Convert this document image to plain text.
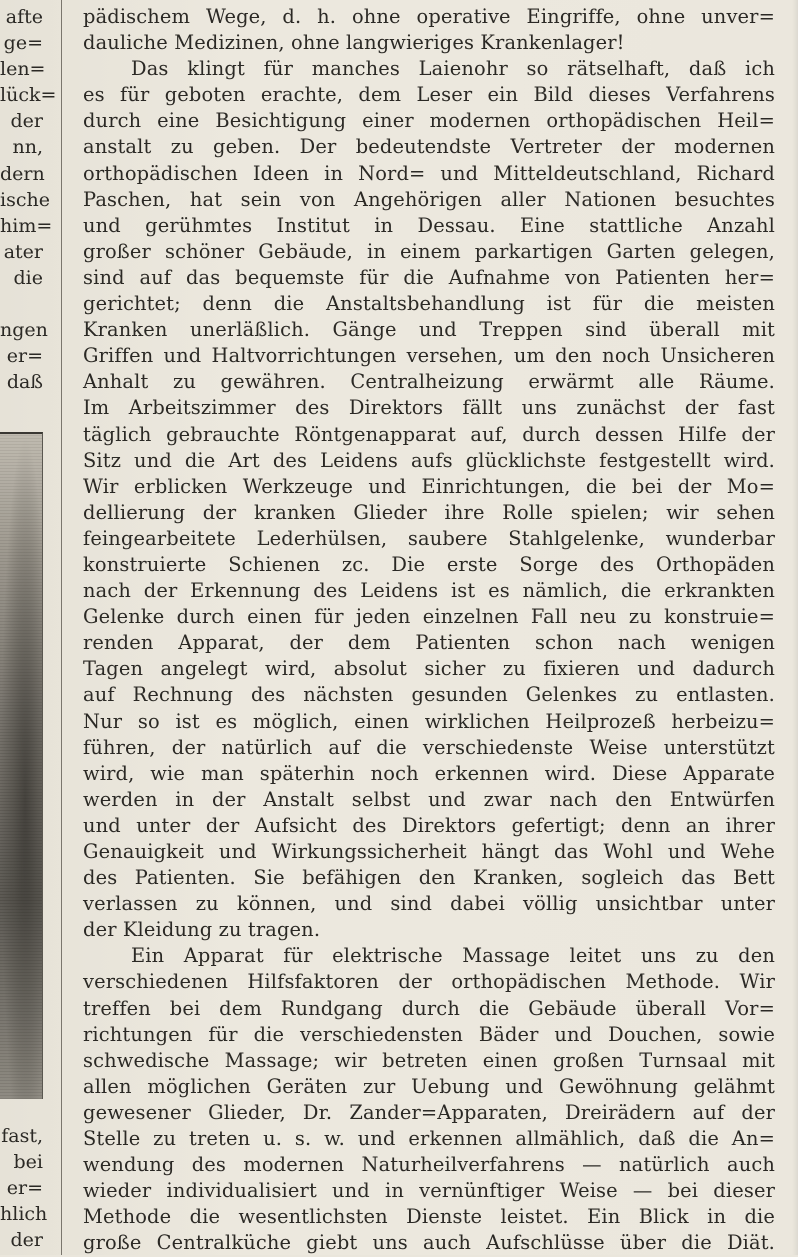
afte
ge=
len=
lück=
der
nn,
dern
ische
him=
ater
die
ngen
er=
daß
fast,
bei
er=
hlich
der
pädischem Wege, d. h. ohne operative Eingriffe, ohne unver=
dauliche Medizinen, ohne langwieriges Krankenlager!
Das klingt für manches Laienohr so rätselhaft, daß ich
es für geboten erachte, dem Leser ein Bild dieses Verfahrens
durch eine Besichtigung einer modernen orthopädischen Heil=
anstalt zu geben. Der bedeutendste Vertreter der modernen
orthopädischen Ideen in Nord= und Mitteldeutschland, Richard
Paschen, hat sein von Angehörigen aller Nationen besuchtes
und gerühmtes Institut in Dessau. Eine stattliche Anzahl
großer schöner Gebäude, in einem parkartigen Garten gelegen,
sind auf das bequemste für die Aufnahme von Patienten her=
gerichtet; denn die Anstaltsbehandlung ist für die meisten
Kranken unerläßlich. Gänge und Treppen sind überall mit
Griffen und Haltvorrichtungen versehen, um den noch Unsicheren
Anhalt zu gewähren. Centralheizung erwärmt alle Räume.
Im Arbeitszimmer des Direktors fällt uns zunächst der fast
täglich gebrauchte Röntgenapparat auf, durch dessen Hilfe der
Sitz und die Art des Leidens aufs glücklichste festgestellt wird.
Wir erblicken Werkzeuge und Einrichtungen, die bei der Mo=
dellierung der kranken Glieder ihre Rolle spielen; wir sehen
feingearbeitete Lederhülsen, saubere Stahlgelenke, wunderbar
konstruierte Schienen zc. Die erste Sorge des Orthopäden
nach der Erkennung des Leidens ist es nämlich, die erkrankten
Gelenke durch einen für jeden einzelnen Fall neu zu konstruie=
renden Apparat, der dem Patienten schon nach wenigen
Tagen angelegt wird, absolut sicher zu fixieren und dadurch
auf Rechnung des nächsten gesunden Gelenkes zu entlasten.
Nur so ist es möglich, einen wirklichen Heilprozeß herbeizu=
führen, der natürlich auf die verschiedenste Weise unterstützt
wird, wie man späterhin noch erkennen wird. Diese Apparate
werden in der Anstalt selbst und zwar nach den Entwürfen
und unter der Aufsicht des Direktors gefertigt; denn an ihrer
Genauigkeit und Wirkungssicherheit hängt das Wohl und Wehe
des Patienten. Sie befähigen den Kranken, sogleich das Bett
verlassen zu können, und sind dabei völlig unsichtbar unter
der Kleidung zu tragen.
Ein Apparat für elektrische Massage leitet uns zu den
verschiedenen Hilfsfaktoren der orthopädischen Methode. Wir
treffen bei dem Rundgang durch die Gebäude überall Vor=
richtungen für die verschiedensten Bäder und Douchen, sowie
schwedische Massage; wir betreten einen großen Turnsaal mit
allen möglichen Geräten zur Uebung und Gewöhnung gelähmt
gewesener Glieder, Dr. Zander=Apparaten, Dreirädern auf der
Stelle zu treten u. s. w. und erkennen allmählich, daß die An=
wendung des modernen Naturheilverfahrens — natürlich auch
wieder individualisiert und in vernünftiger Weise — bei dieser
Methode die wesentlichsten Dienste leistet. Ein Blick in die
große Centralküche giebt uns auch Aufschlüsse über die Diät.
